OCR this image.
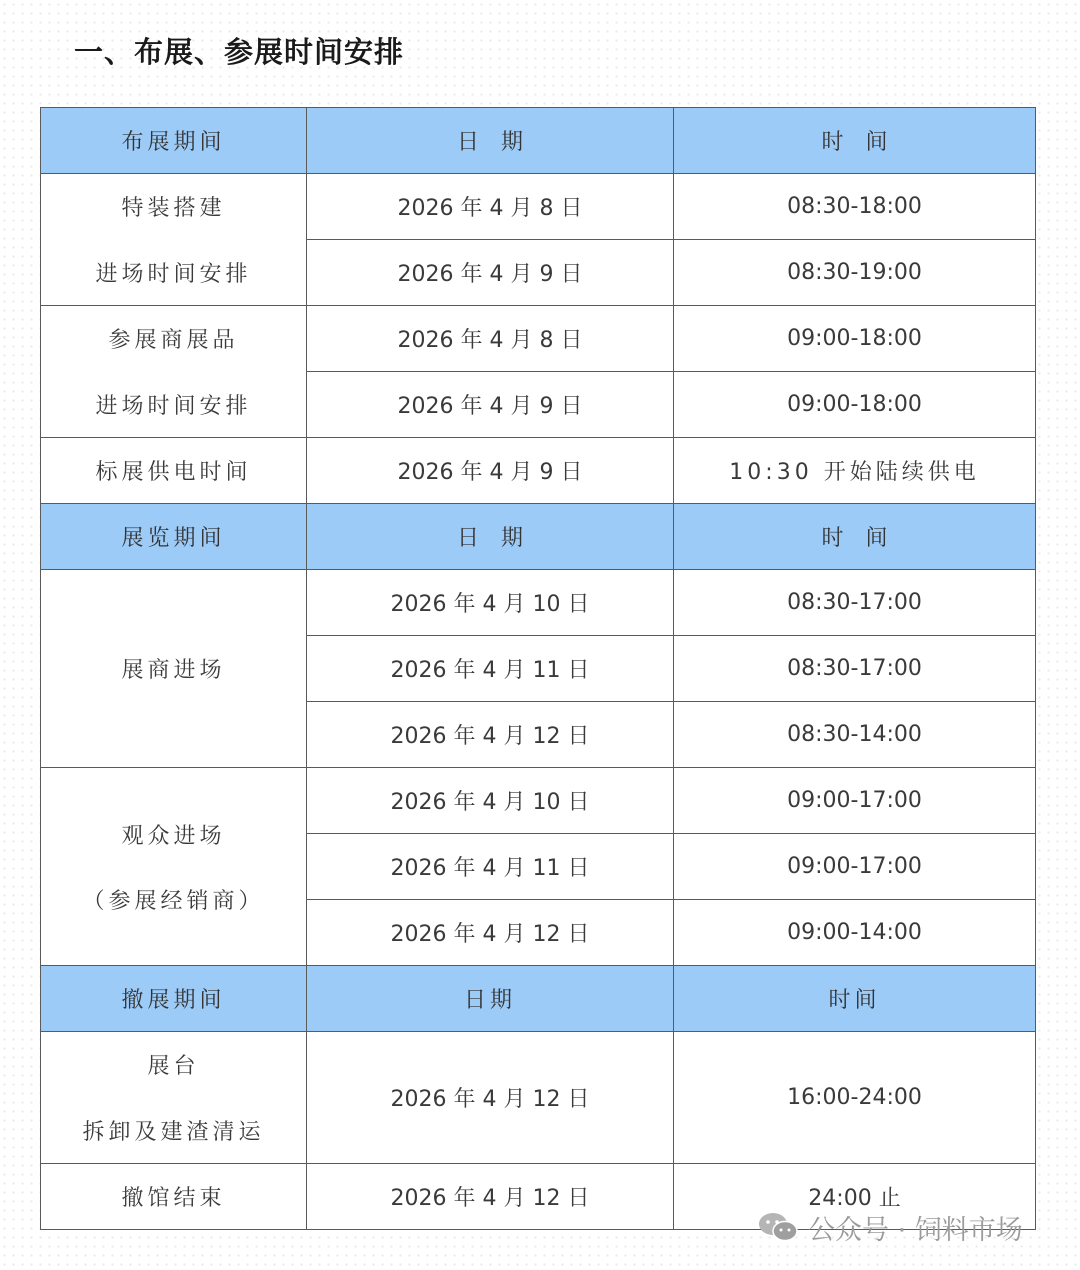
一、布展、参展时间安排
布展期间	日　期	时　间

特装搭建
进场时间安排	2026 年 4 月 8 日	08:30-18:00
	2026 年 4 月 9 日	08:30-19:00

参展商展品
进场时间安排	2026 年 4 月 8 日	09:00-18:00
	2026 年 4 月 9 日	09:00-18:00
标展供电时间	2026 年 4 月 9 日	10:30 开始陆续供电
展览期间	日　期	时　间
展商进场	2026 年 4 月 10 日	08:30-17:00
	2026 年 4 月 11 日	08:30-17:00
	2026 年 4 月 12 日	08:30-14:00

观众进场
（参展经销商）	2026 年 4 月 10 日	09:00-17:00
	2026 年 4 月 11 日	09:00-17:00
	2026 年 4 月 12 日	09:00-14:00
撤展期间	日期	时间

展台
拆卸及建渣清运	2026 年 4 月 12 日	16:00-24:00
撤馆结束	2026 年 4 月 12 日	24:00 止
公众号 · 饲料市场
